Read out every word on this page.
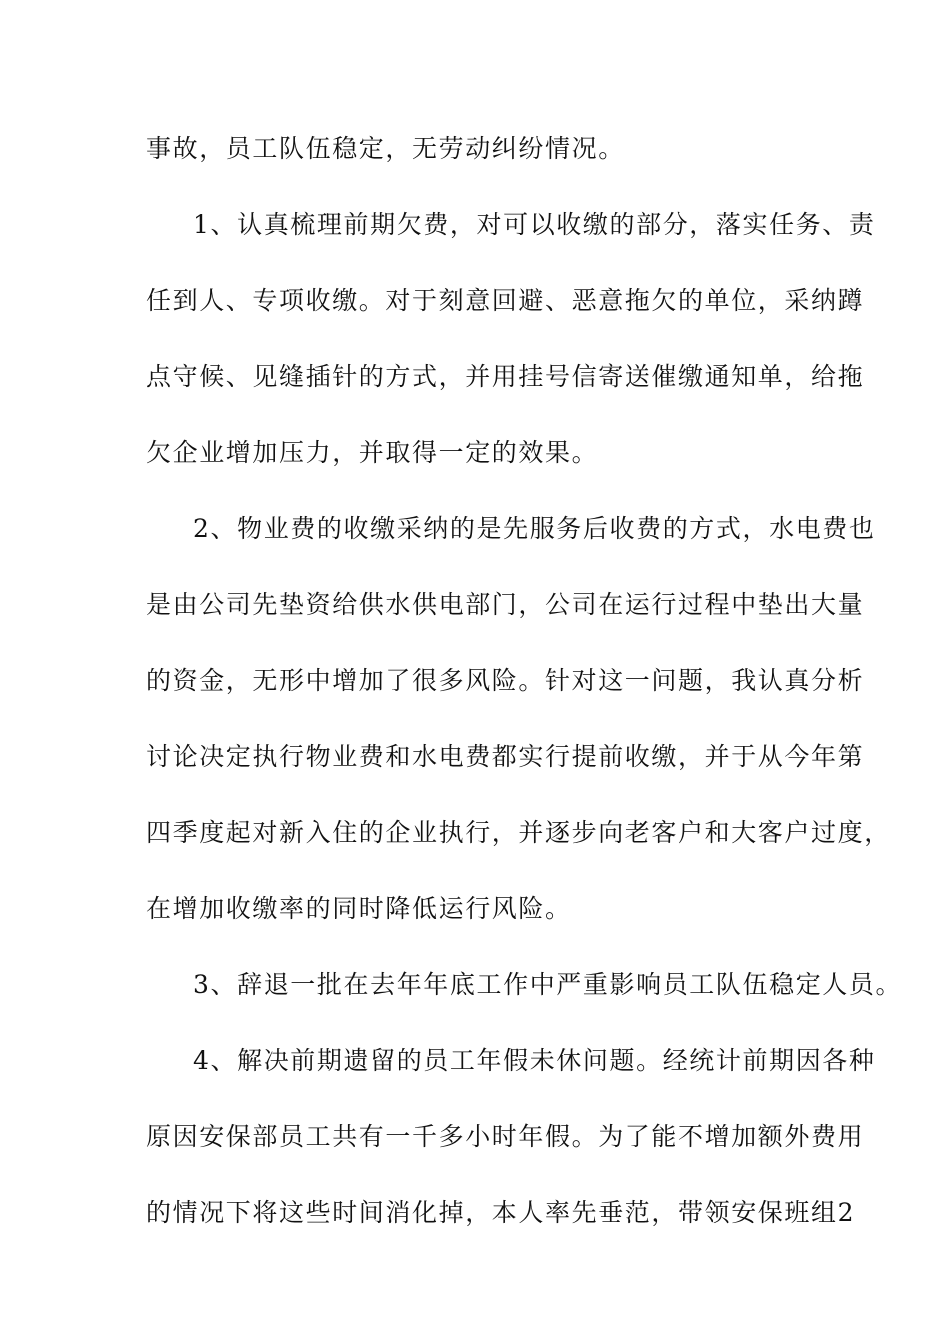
事故，员工队伍稳定，无劳动纠纷情况。
1、认真梳理前期欠费，对可以收缴的部分，落实任务、责
任到人、专项收缴。对于刻意回避、恶意拖欠的单位，采纳蹲
点守候、见缝插针的方式，并用挂号信寄送催缴通知单，给拖
欠企业增加压力，并取得一定的效果。
2、物业费的收缴采纳的是先服务后收费的方式，水电费也
是由公司先垫资给供水供电部门，公司在运行过程中垫出大量
的资金，无形中增加了很多风险。针对这一问题，我认真分析
讨论决定执行物业费和水电费都实行提前收缴，并于从今年第
四季度起对新入住的企业执行，并逐步向老客户和大客户过度，
在增加收缴率的同时降低运行风险。
3、辞退一批在去年年底工作中严重影响员工队伍稳定人员。
4、解决前期遗留的员工年假未休问题。经统计前期因各种
原因安保部员工共有一千多小时年假。为了能不增加额外费用
的情况下将这些时间消化掉，本人率先垂范，带领安保班组2
